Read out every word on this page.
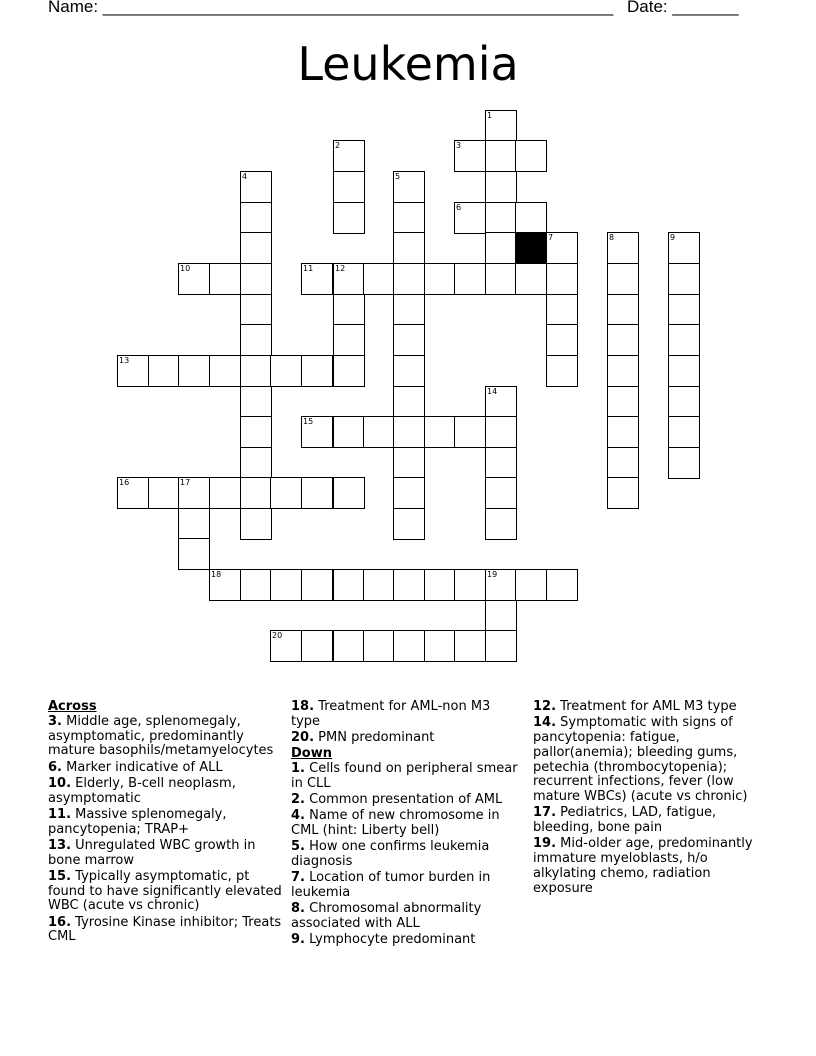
Name: ______________________________________________________ Date: _______
Leukemia
1
2	3
4	5
6
7	8	9
10	11	12
13
14
15
16	17
18	19
20
Across
3. Middle age, splenomegaly, asymptomatic, predominantly mature basophils/metamyelocytes
6. Marker indicative of ALL
10. Elderly, B-cell neoplasm, asymptomatic
11. Massive splenomegaly, pancytopenia; TRAP+
13. Unregulated WBC growth in bone marrow
15. Typically asymptomatic, pt found to have significantly elevated WBC (acute vs chronic)
16. Tyrosine Kinase inhibitor; Treats CML
18. Treatment for AML-non M3 type
20. PMN predominant
Down
1. Cells found on peripheral smear in CLL
2. Common presentation of AML
4. Name of new chromosome in CML (hint: Liberty bell)
5. How one confirms leukemia diagnosis
7. Location of tumor burden in leukemia
8. Chromosomal abnormality associated with ALL
9. Lymphocyte predominant
12. Treatment for AML M3 type
14. Symptomatic with signs of pancytopenia: fatigue, pallor(anemia); bleeding gums, petechia (thrombocytopenia); recurrent infections, fever (low mature WBCs) (acute vs chronic)
17. Pediatrics, LAD, fatigue, bleeding, bone pain
19. Mid-older age, predominantly immature myeloblasts, h/o alkylating chemo, radiation exposure
